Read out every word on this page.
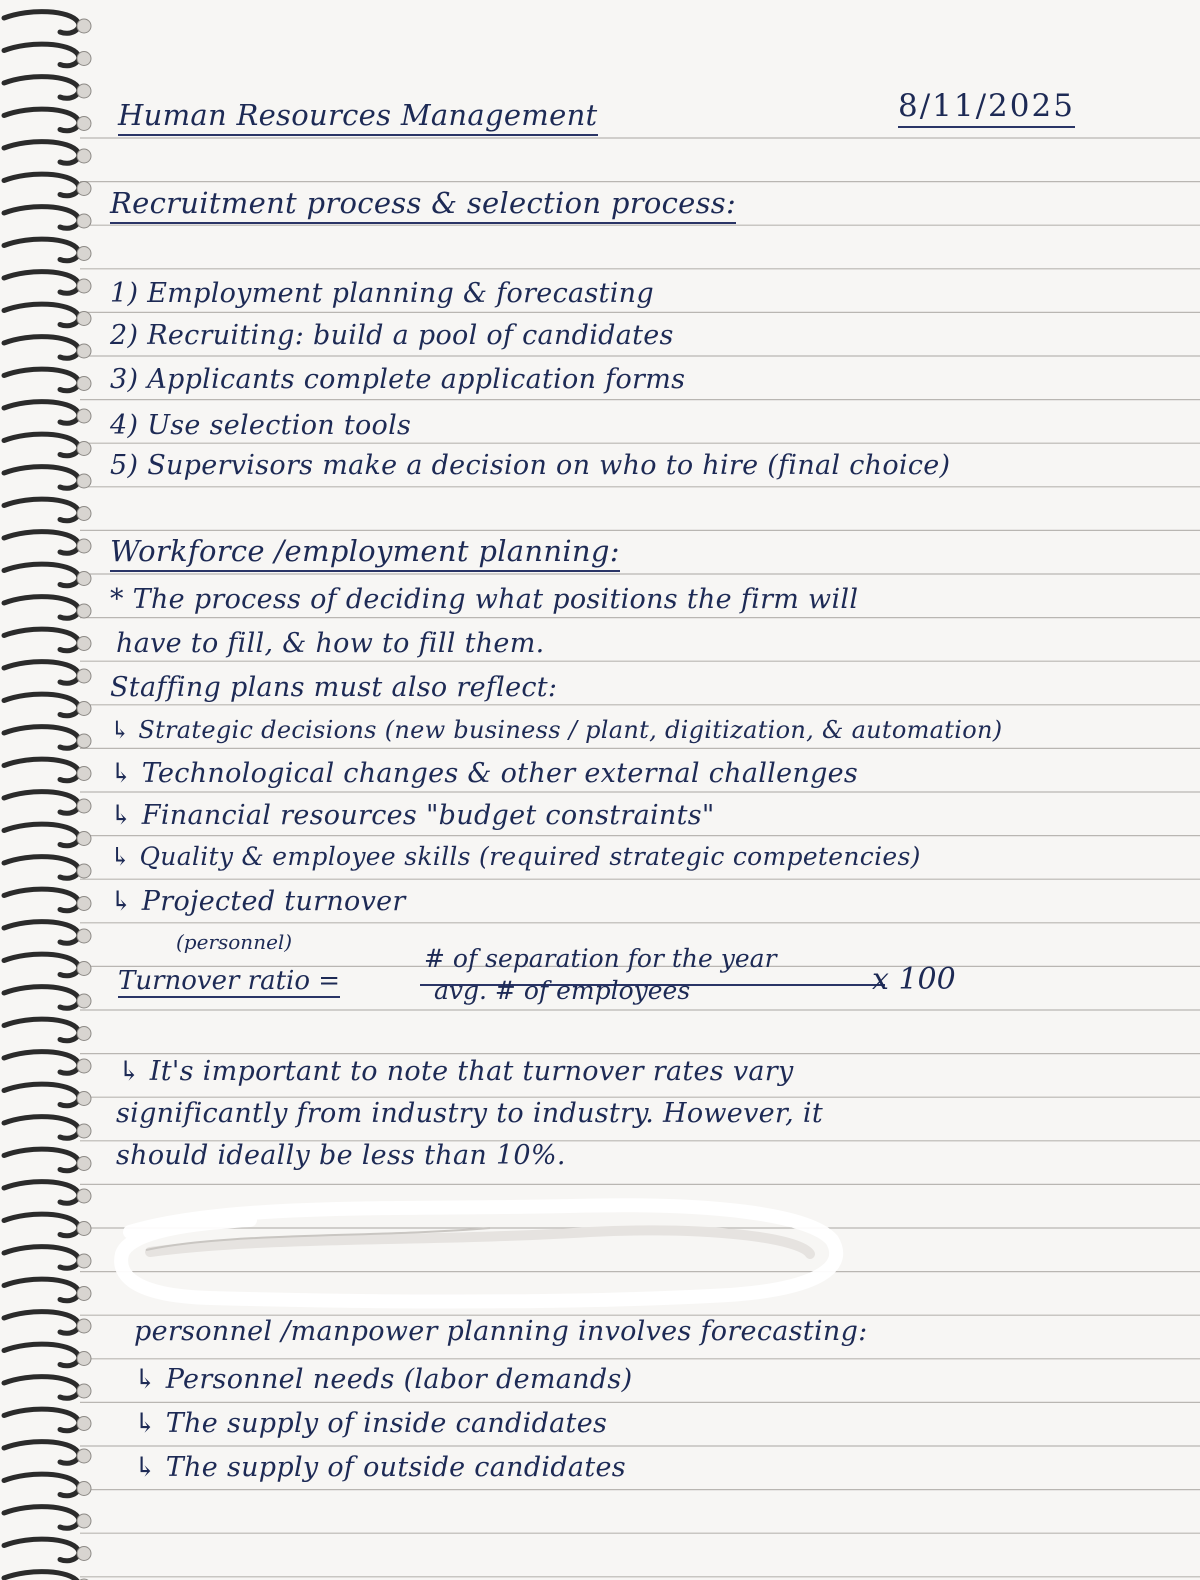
Human Resources Management	8/11/2025
Recruitment process & selection process:
1) Employment planning & forecasting
2) Recruiting: build a pool of candidates
3) Applicants complete application forms
4) Use selection tools
5) Supervisors make a decision on who to hire (final choice)
Workforce /employment planning:
* The process of deciding what positions the firm will
have to fill, & how to fill them.
Staffing plans must also reflect:
↳ Strategic decisions (new business / plant, digitization, & automation)
↳ Technological changes & other external challenges
↳ Financial resources "budget constraints"
↳ Quality & employee skills (required strategic competencies)
↳ Projected turnover
(personnel)
Turnover ratio =
# of separation for the year
avg. # of employees	x 100
↳ It's important to note that turnover rates vary
significantly from industry to industry. However, it
should ideally be less than 10%.
personnel /manpower planning involves forecasting:
↳ Personnel needs (labor demands)
↳ The supply of inside candidates
↳ The supply of outside candidates
